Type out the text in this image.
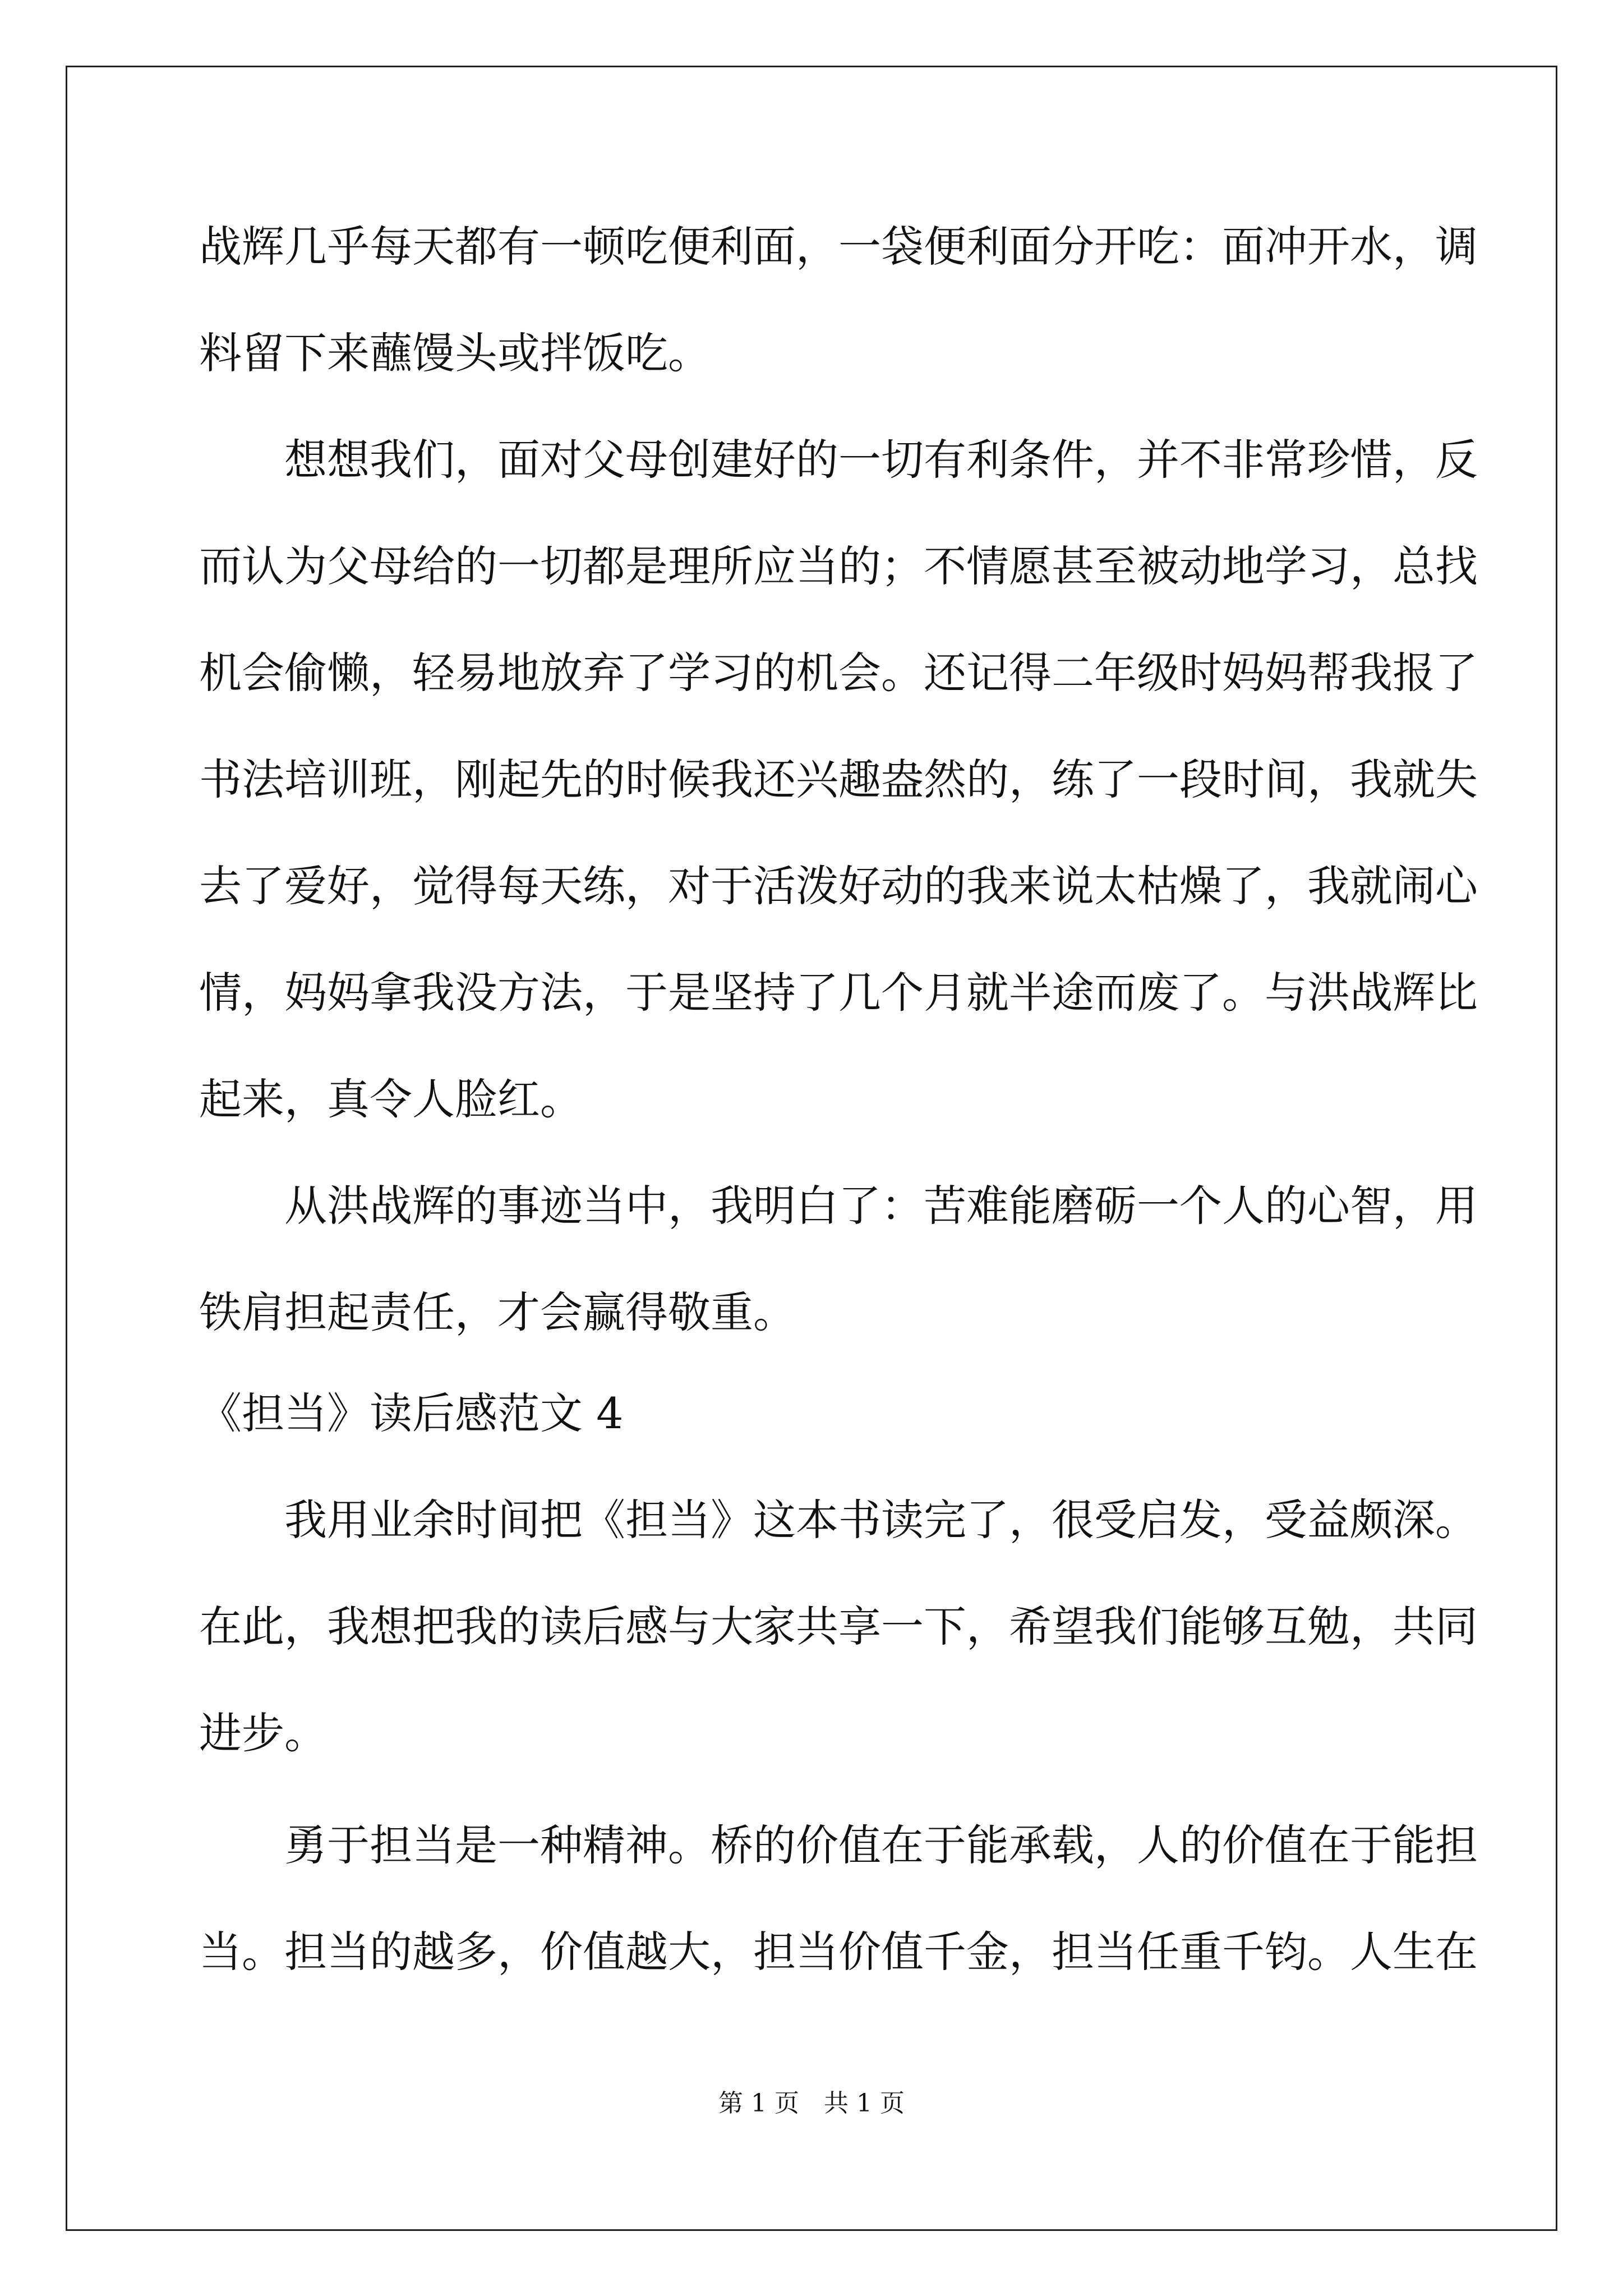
战辉几乎每天都有一顿吃便利面，一袋便利面分开吃：面冲开水，调
料留下来蘸馒头或拌饭吃。
想想我们，面对父母创建好的一切有利条件，并不非常珍惜，反
而认为父母给的一切都是理所应当的；不情愿甚至被动地学习，总找
机会偷懒，轻易地放弃了学习的机会。还记得二年级时妈妈帮我报了
书法培训班，刚起先的时候我还兴趣盎然的，练了一段时间，我就失
去了爱好，觉得每天练，对于活泼好动的我来说太枯燥了，我就闹心
情，妈妈拿我没方法，于是坚持了几个月就半途而废了。与洪战辉比
起来，真令人脸红。
从洪战辉的事迹当中，我明白了：苦难能磨砺一个人的心智，用
铁肩担起责任，才会赢得敬重。
《担当》读后感范文 4
我用业余时间把《担当》这本书读完了，很受启发，受益颇深。
在此，我想把我的读后感与大家共享一下，希望我们能够互勉，共同
进步。
勇于担当是一种精神。桥的价值在于能承载，人的价值在于能担
当。担当的越多，价值越大，担当价值千金，担当任重千钧。人生在
第 1 页　共 1 页
